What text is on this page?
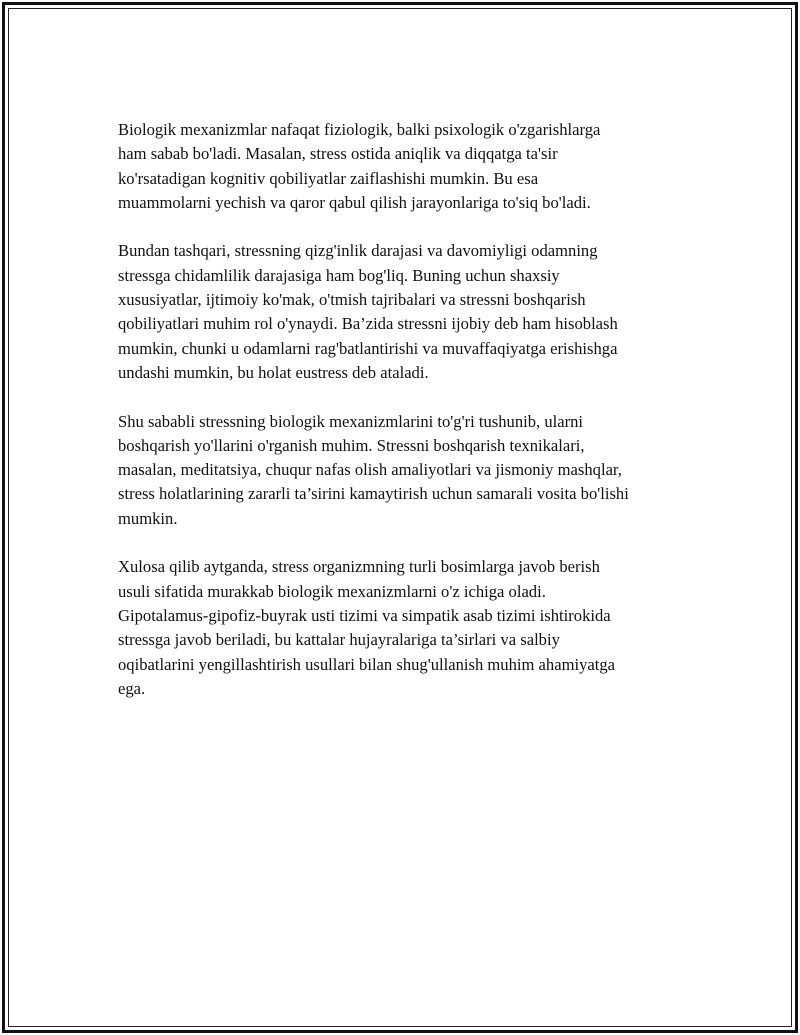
Biologik mexanizmlar nafaqat fiziologik, balki psixologik o'zgarishlarga
ham sabab bo'ladi. Masalan, stress ostida aniqlik va diqqatga ta'sir
ko'rsatadigan kognitiv qobiliyatlar zaiflashishi mumkin. Bu esa
muammolarni yechish va qaror qabul qilish jarayonlariga to'siq bo'ladi.

Bundan tashqari, stressning qizg'inlik darajasi va davomiyligi odamning
stressga chidamlilik darajasiga ham bog'liq. Buning uchun shaxsiy
xususiyatlar, ijtimoiy ko'mak, o'tmish tajribalari va stressni boshqarish
qobiliyatlari muhim rol o'ynaydi. Ba’zida stressni ijobiy deb ham hisoblash
mumkin, chunki u odamlarni rag'batlantirishi va muvaffaqiyatga erishishga
undashi mumkin, bu holat eustress deb ataladi.

Shu sababli stressning biologik mexanizmlarini to'g'ri tushunib, ularni
boshqarish yo'llarini o'rganish muhim. Stressni boshqarish texnikalari,
masalan, meditatsiya, chuqur nafas olish amaliyotlari va jismoniy mashqlar,
stress holatlarining zararli ta’sirini kamaytirish uchun samarali vosita bo'lishi
mumkin.

Xulosa qilib aytganda, stress organizmning turli bosimlarga javob berish
usuli sifatida murakkab biologik mexanizmlarni o'z ichiga oladi.
Gipotalamus-gipofiz-buyrak usti tizimi va simpatik asab tizimi ishtirokida
stressga javob beriladi, bu kattalar hujayralariga ta’sirlari va salbiy
oqibatlarini yengillashtirish usullari bilan shug'ullanish muhim ahamiyatga
ega.
